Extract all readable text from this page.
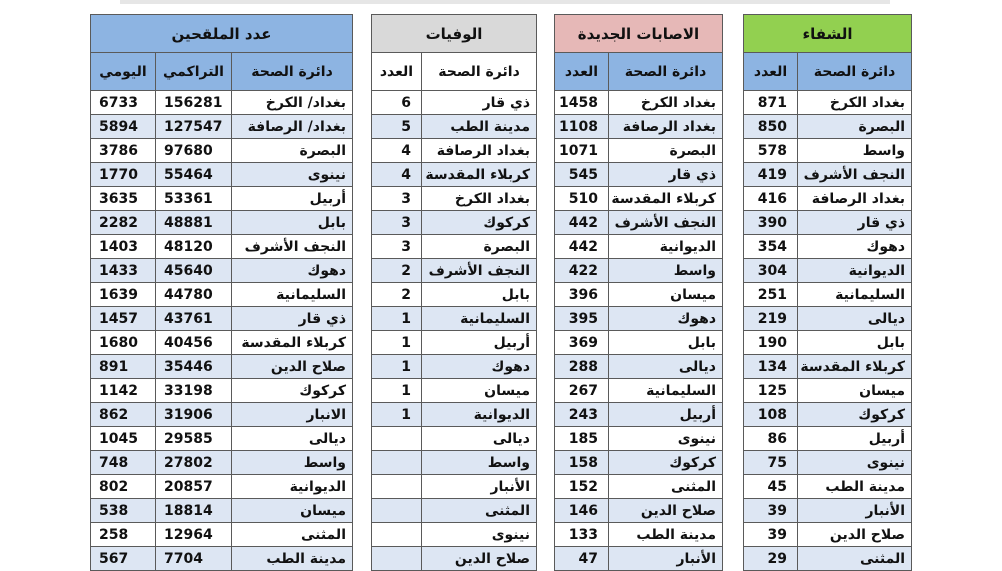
الشفاء	
دائرة الصحة	العدد
بغداد الكرخ	871
البصرة	850
واسط	578
النجف الأشرف	419
بغداد الرصافة	416
ذي قار	390
دهوك	354
الديوانية	304
السليمانية	251
ديالى	219
بابل	190
كربلاء المقدسة	134
ميسان	125
كركوك	108
أربيل	86
نينوى	75
مدينة الطب	45
الأنبار	39
صلاح الدين	39
المثنى	29
الاصابات الجديدة	
دائرة الصحة	العدد
بغداد الكرخ	1458
بغداد الرصافة	1108
البصرة	1071
ذي قار	545
كربلاء المقدسة	510
النجف الأشرف	442
الديوانية	442
واسط	422
ميسان	396
دهوك	395
بابل	369
ديالى	288
السليمانية	267
أربيل	243
نينوى	185
كركوك	158
المثنى	152
صلاح الدين	146
مدينة الطب	133
الأنبار	47
الوفيات	
دائرة الصحة	العدد
ذي قار	6
مدينة الطب	5
بغداد الرصافة	4
كربلاء المقدسة	4
بغداد الكرخ	3
كركوك	3
البصرة	3
النجف الأشرف	2
بابل	2
السليمانية	1
أربيل	1
دهوك	1
ميسان	1
الديوانية	1
ديالى	
واسط	
الأنبار	
المثنى	
نينوى	
صلاح الدين	
عدد الملقحين		
دائرة الصحة	التراكمي	اليومي
بغداد/ الكرخ	156281	6733
بغداد/ الرصافة	127547	5894
البصرة	97680	3786
نينوى	55464	1770
أربيل	53361	3635
بابل	48881	2282
النجف الأشرف	48120	1403
دهوك	45640	1433
السليمانية	44780	1639
ذي قار	43761	1457
كربلاء المقدسة	40456	1680
صلاح الدين	35446	891
كركوك	33198	1142
الانبار	31906	862
ديالى	29585	1045
واسط	27802	748
الديوانية	20857	802
ميسان	18814	538
المثنى	12964	258
مدينة الطب	7704	567
